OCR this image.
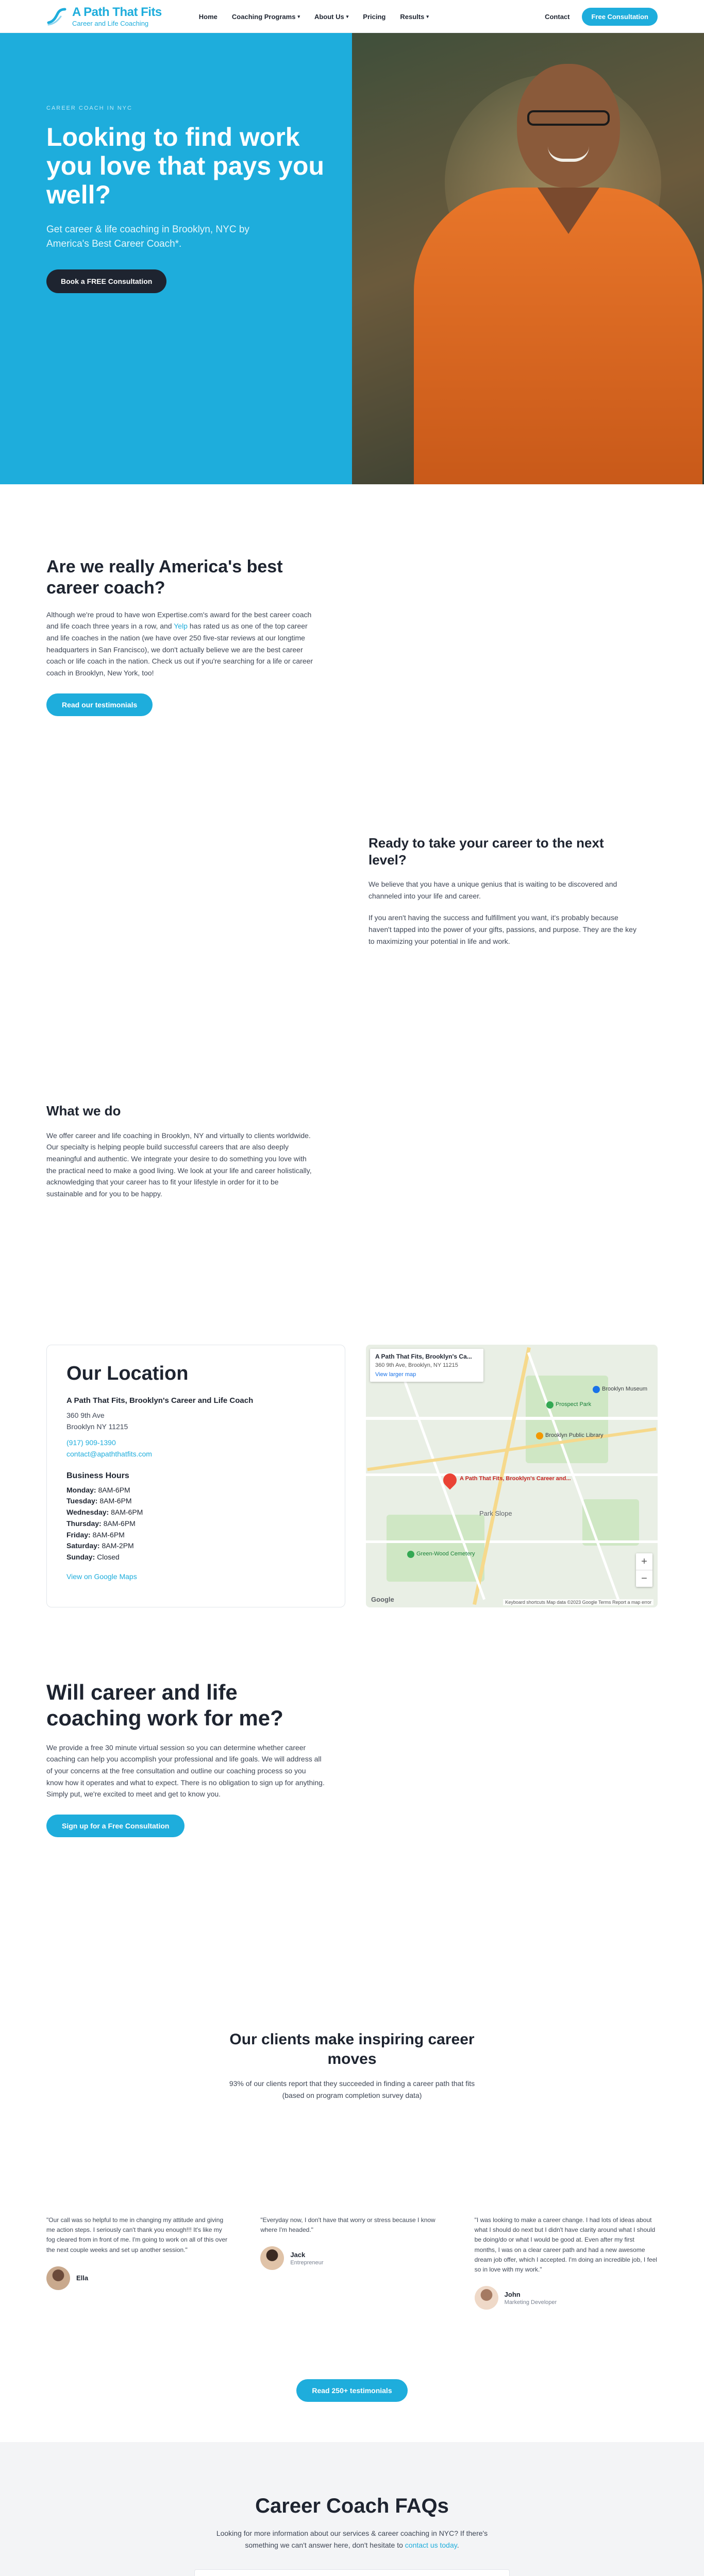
A Path That Fits
Career and Life Coaching
Home Coaching Programs ▾ About Us ▾ Pricing Results ▾	Contact	Free Consultation
CAREER COACH IN NYC
Looking to find work you love that pays you well?

Get career & life coaching in Brooklyn, NYC by America's Best Career Coach*.

Book a FREE Consultation
Are we really America's best career coach?

Although we're proud to have won Expertise.com's award for the best career coach and life coach three years in a row, and Yelp has rated us as one of the top career and life coaches in the nation (we have over 250 five-star reviews at our longtime headquarters in San Francisco), we don't actually believe we are the best career coach or life coach in the nation. Check us out if you're searching for a life or career coach in Brooklyn, New York, too!

Read our testimonials
Ready to take your career to the next level?

We believe that you have a unique genius that is waiting to be discovered and channeled into your life and career.

If you aren't having the success and fulfillment you want, it's probably because haven't tapped into the power of your gifts, passions, and purpose. They are the key to maximizing your potential in life and work.

What we do

We offer career and life coaching in Brooklyn, NY and virtually to clients worldwide. Our specialty is helping people build successful careers that are also deeply meaningful and authentic. We integrate your desire to do something you love with the practical need to make a good living. We look at your life and career holistically, acknowledging that your career has to fit your lifestyle in order for it to be sustainable and for you to be happy.

Our Location
A Path That Fits, Brooklyn's Career and Life Coach
360 9th Ave
Brooklyn NY 11215
(917) 909-1390
contact@apaththatfits.com
Business Hours
Monday: 8AM-6PM
Tuesday: 8AM-6PM
Wednesday: 8AM-6PM
Thursday: 8AM-6PM
Friday: 8AM-6PM
Saturday: 8AM-2PM
Sunday: Closed
View on Google Maps
A Path That Fits, Brooklyn's Ca...
360 9th Ave, Brooklyn, NY 11215
View larger map
A Path That Fits, Brooklyn's Career and...
Prospect Park
Brooklyn Public Library
Brooklyn Museum
Green-Wood Cemetery
Park Slope
+
−
Google	Keyboard shortcuts Map data ©2023 Google Terms Report a map error
Will career and life coaching work for me?

We provide a free 30 minute virtual session so you can determine whether career coaching can help you accomplish your professional and life goals. We will address all of your concerns at the free consultation and outline our coaching process so you know how it operates and what to expect. There is no obligation to sign up for anything. Simply put, we're excited to meet and get to know you.

Sign up for a Free Consultation
Our clients make inspiring career moves

93% of our clients report that they succeeded in finding a career path that fits (based on program completion survey data)

"Our call was so helpful to me in changing my attitude and giving me action steps. I seriously can't thank you enough!!! It's like my fog cleared from in front of me. I'm going to work on all of this over the next couple weeks and set up another session."

Ella

"Everyday now, I don't have that worry or stress because I know where I'm headed."

Jack
Entrepreneur

"I was looking to make a career change. I had lots of ideas about what I should do next but I didn't have clarity around what I should be doing/do or what I would be good at. Even after my first months, I was on a clear career path and had a new awesome dream job offer, which I accepted. I'm doing an incredible job, I feel so in love with my work."

John
Marketing Developer
Read 250+ testimonials
Career Coach FAQs

Looking for more information about our services & career coaching in NYC? If there's something we can't answer here, don't hesitate to contact us today.
